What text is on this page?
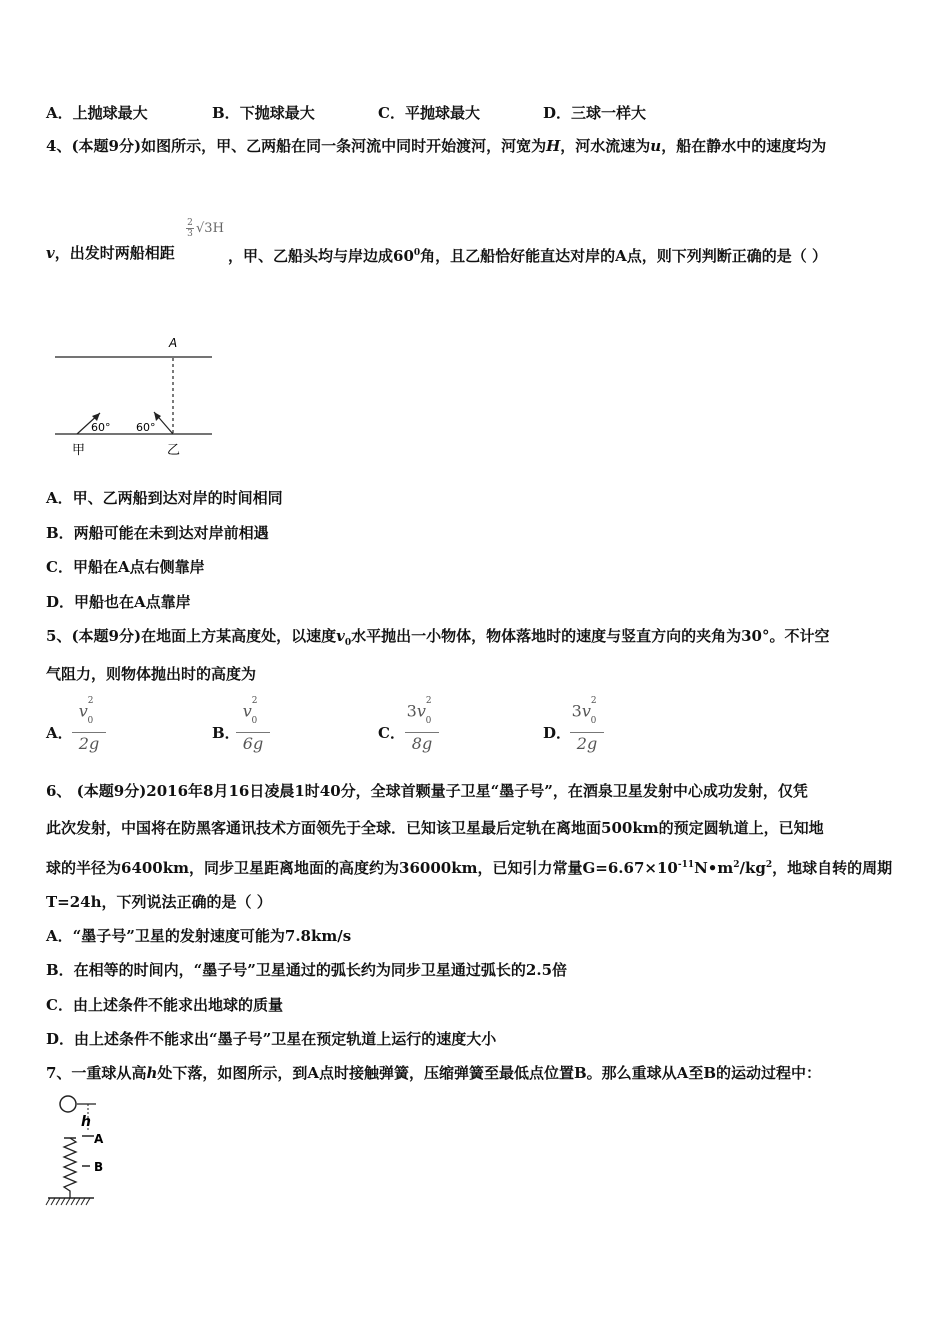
A．上抛球最大	B．下抛球最大	C．平抛球最大	D．三球一样大
4、(本题9分)如图所示，甲、乙两船在同一条河流中同时开始渡河，河宽为H，河水流速为u，船在静水中的速度均为
v，出发时两船相距
2
3 √3H
，甲、乙船头均与岸边成$60^0$角，且乙船恰好能直达对岸的A点，则下列判断正确的是（ ）
A
60° 60°
甲	乙
A．甲、乙两船到达对岸的时间相同
B．两船可能在未到达对岸前相遇
C．甲船在A点右侧靠岸
D．甲船也在A点靠岸
5、(本题9分)在地面上方某高度处，以速度$v_0$水平抛出一小物体，物体落地时的速度与竖直方向的夹角为30°。不计空
气阻力，则物体抛出时的高度为
A． $\frac{v^2_0}{2g}$	B．
$\frac{v^2_0}{6g}$	C． $\frac{3v^2_0}{8g}$	D．
$\frac{3v^2_0}{2g}$
6、 (本题9分)2016年8月16日凌晨1时40分，全球首颗量子卫星“墨子号”，在酒泉卫星发射中心成功发射，仅凭
此次发射，中国将在防黑客通讯技术方面领先于全球．已知该卫星最后定轨在离地面500km的预定圆轨道上，已知地
球的半径为6400km，同步卫星距离地面的高度约为36000km，已知引力常量$G=6.67\times 10^{-11}N•m^2/kg^2$，地球自转的周期
T=24h，下列说法正确的是（ ）
A．“墨子号”卫星的发射速度可能为7.8km/s
B．在相等的时间内，“墨子号”卫星通过的弧长约为同步卫星通过弧长的2.5倍
C．由上述条件不能求出地球的质量
D．由上述条件不能求出“墨子号”卫星在预定轨道上运行的速度大小
7、一重球从高h处下落，如图所示，到A点时接触弹簧，压缩弹簧至最低点位置B。那么重球从A至B的运动过程中：
h
A
B
